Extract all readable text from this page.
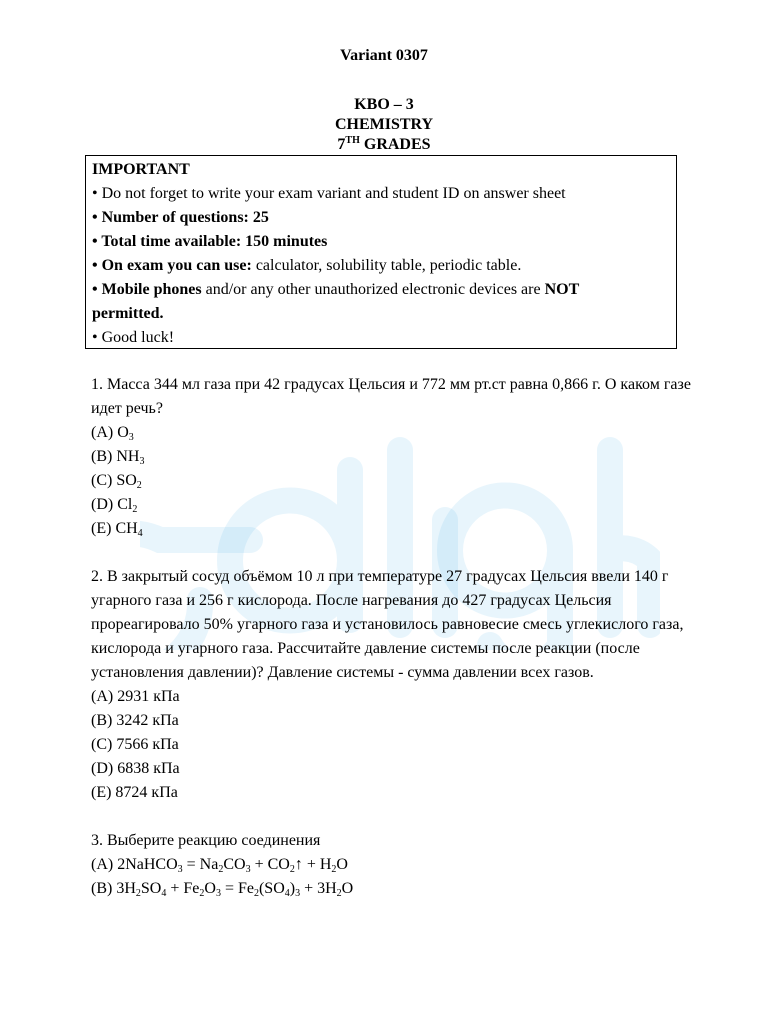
Variant 0307
KBO – 3
CHEMISTRY
7TH GRADES
IMPORTANT
• Do not forget to write your exam variant and student ID on answer sheet
• Number of questions: 25
• Total time available: 150 minutes
• On exam you can use: calculator, solubility table, periodic table.
• Mobile phones and/or any other unauthorized electronic devices are NOT
permitted.
• Good luck!
1. Масса 344 мл газа при 42 градусах Цельсия и 772 мм рт.ст равна 0,866 г. О каком газе идет речь?
(A) $O_3$
(B) $NH_3$
(C) $SO_2$
(D) $Cl_2$
(E) $CH_4$
2. В закрытый сосуд объёмом 10 л при температуре 27 градусах Цельсия ввели 140 г угарного газа и 256 г кислорода. После нагревания до 427 градусах Цельсия прореагировало 50% угарного газа и установилось равновесие смесь углекислого газа, кислорода и угарного газа. Рассчитайте давление системы после реакции (после установления давлении)? Давление системы - сумма давлении всех газов.
(A) 2931 кПа
(B) 3242 кПа
(C) 7566 кПа
(D) 6838 кПа
(E) 8724 кПа
3. Выберите реакцию соединения
(A) 2NaHCO$_3$ = $Na_2CO_3$ + $CO_2↑ + H_2O$
(B) $3H_2SO_4 + Fe_2O_3 = Fe_2(SO_4)_3 + 3H_2O$
